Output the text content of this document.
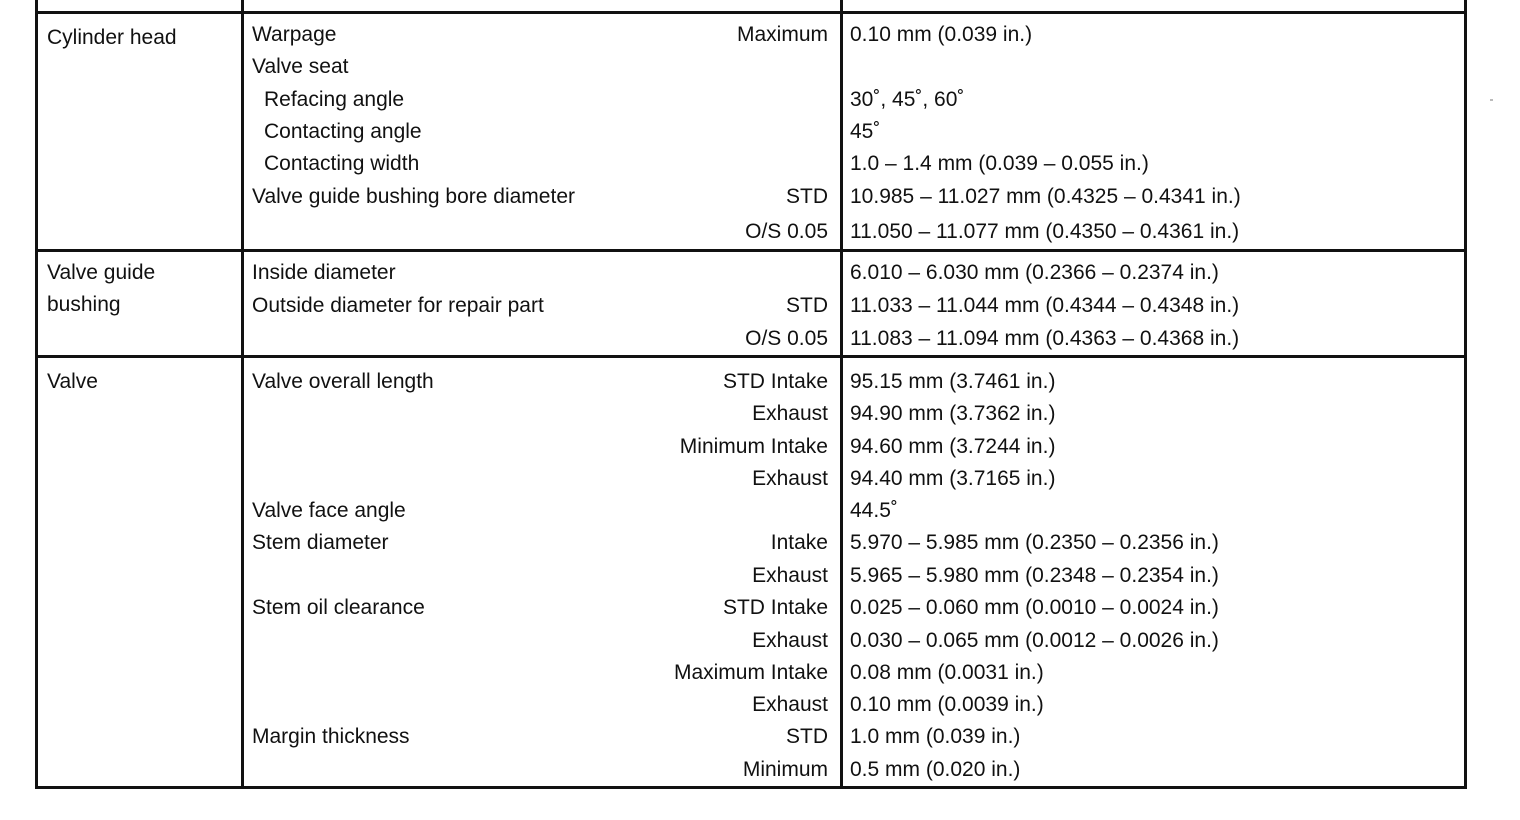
Cylinder head	Warpage	Maximum 0.10 mm (0.039 in.)
Valve seat
Refacing angle	30˚, 45˚, 60˚
Contacting angle	45˚
Contacting width	1.0 – 1.4 mm (0.039 – 0.055 in.)
Valve guide bushing bore diameter	STD 10.985 – 11.027 mm (0.4325 – 0.4341 in.)
O/S 0.05 11.050 – 11.077 mm (0.4350 – 0.4361 in.)
Valve guide
bushing
Inside diameter	6.010 – 6.030 mm (0.2366 – 0.2374 in.)
Outside diameter for repair part	STD 11.033 – 11.044 mm (0.4344 – 0.4348 in.)
O/S 0.05 11.083 – 11.094 mm (0.4363 – 0.4368 in.)
Valve	Valve overall length	STD Intake 95.15 mm (3.7461 in.)
Exhaust 94.90 mm (3.7362 in.)
Minimum Intake 94.60 mm (3.7244 in.)
Exhaust 94.40 mm (3.7165 in.)
Valve face angle	44.5˚
Stem diameter	Intake 5.970 – 5.985 mm (0.2350 – 0.2356 in.)
Exhaust 5.965 – 5.980 mm (0.2348 – 0.2354 in.)
Stem oil clearance	STD Intake 0.025 – 0.060 mm (0.0010 – 0.0024 in.)
Exhaust 0.030 – 0.065 mm (0.0012 – 0.0026 in.)
Maximum Intake 0.08 mm (0.0031 in.)
Exhaust 0.10 mm (0.0039 in.)
Margin thickness	STD 1.0 mm (0.039 in.)
Minimum 0.5 mm (0.020 in.)
